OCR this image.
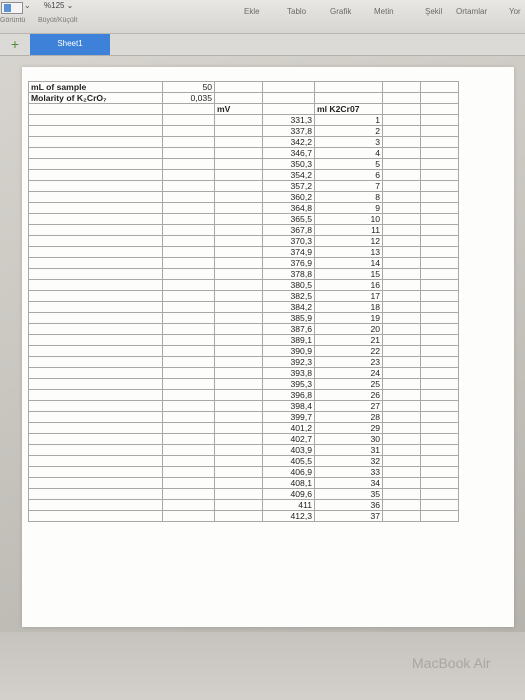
⌄ %125 ⌄
Görüntü Büyüt/Küçült
Ekle	Tablo	Grafik	Metin	Şekil Ortamlar	Yor
+	Sheet1
mL of sample	50					
Molarity of K₂CrO₇	0,035					
		mV		ml K2Cr07		
			331,3	1		
			337,8	2		
			342,2	3		
			346,7	4		
			350,3	5		
			354,2	6		
			357,2	7		
			360,2	8		
			364,8	9		
			365,5	10		
			367,8	11		
			370,3	12		
			374,9	13		
			376,9	14		
			378,8	15		
			380,5	16		
			382,5	17		
			384,2	18		
			385,9	19		
			387,6	20		
			389,1	21		
			390,9	22		
			392,3	23		
			393,8	24		
			395,3	25		
			396,8	26		
			398,4	27		
			399,7	28		
			401,2	29		
			402,7	30		
			403,9	31		
			405,5	32		
			406,9	33		
			408,1	34		
			409,6	35		
			411	36		
			412,3	37		
MacBook Air
